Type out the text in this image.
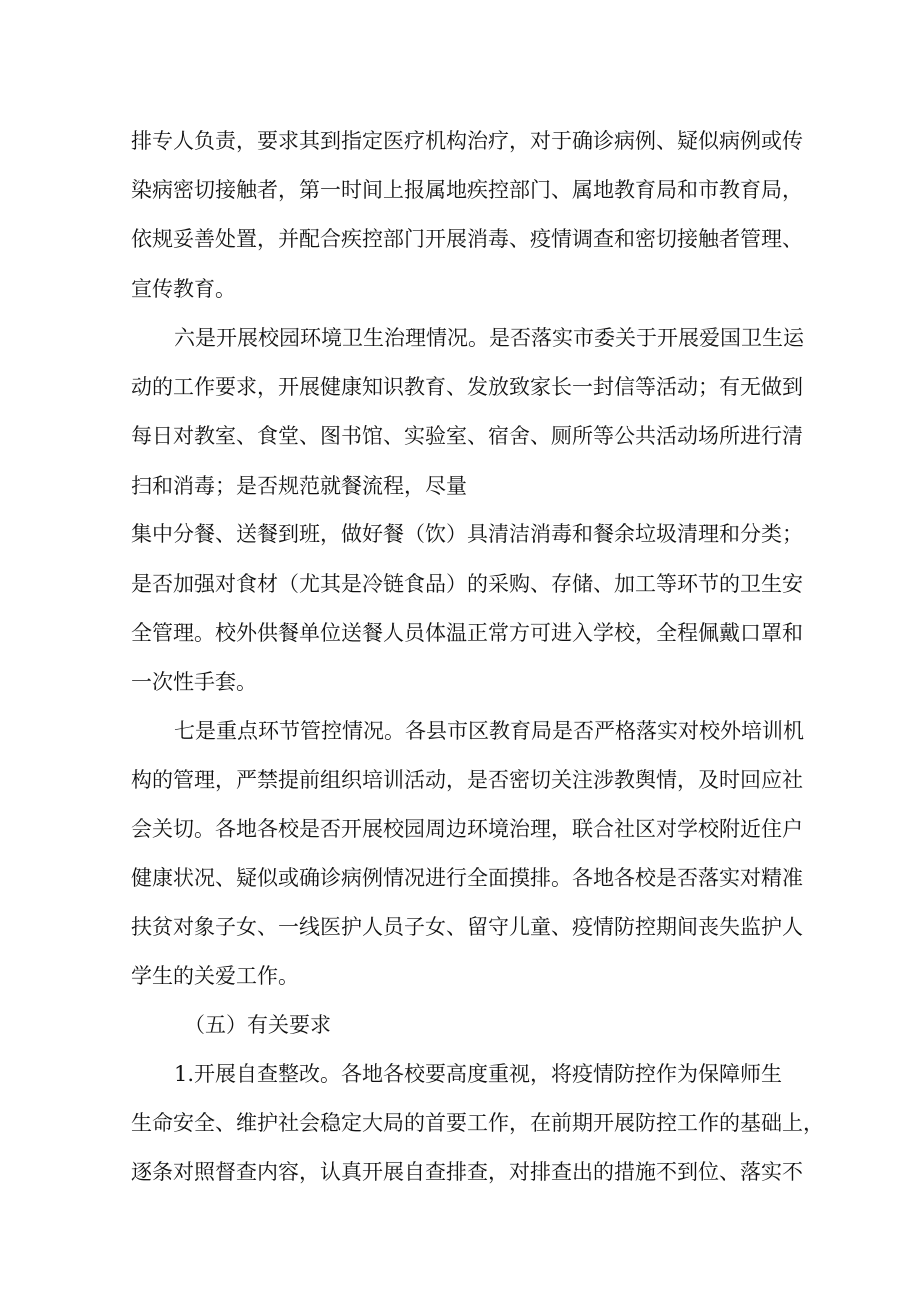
排专人负责，要求其到指定医疗机构治疗，对于确诊病例、疑似病例或传
染病密切接触者，第一时间上报属地疾控部门、属地教育局和市教育局，
依规妥善处置，并配合疾控部门开展消毒、疫情调查和密切接触者管理、
宣传教育。
六是开展校园环境卫生治理情况。是否落实市委关于开展爱国卫生运
动的工作要求，开展健康知识教育、发放致家长一封信等活动；有无做到
每日对教室、食堂、图书馆、实验室、宿舍、厕所等公共活动场所进行清
扫和消毒；是否规范就餐流程，尽量
集中分餐、送餐到班，做好餐（饮）具清洁消毒和餐余垃圾清理和分类；
是否加强对食材（尤其是冷链食品）的采购、存储、加工等环节的卫生安
全管理。校外供餐单位送餐人员体温正常方可进入学校，全程佩戴口罩和
一次性手套。
七是重点环节管控情况。各县市区教育局是否严格落实对校外培训机
构的管理，严禁提前组织培训活动，是否密切关注涉教舆情，及时回应社
会关切。各地各校是否开展校园周边环境治理，联合社区对学校附近住户
健康状况、疑似或确诊病例情况进行全面摸排。各地各校是否落实对精准
扶贫对象子女、一线医护人员子女、留守儿童、疫情防控期间丧失监护人
学生的关爱工作。
（五）有关要求
1.开展自查整改。各地各校要高度重视，将疫情防控作为保障师生
生命安全、维护社会稳定大局的首要工作，在前期开展防控工作的基础上，
逐条对照督查内容，认真开展自查排查，对排查出的措施不到位、落实不
